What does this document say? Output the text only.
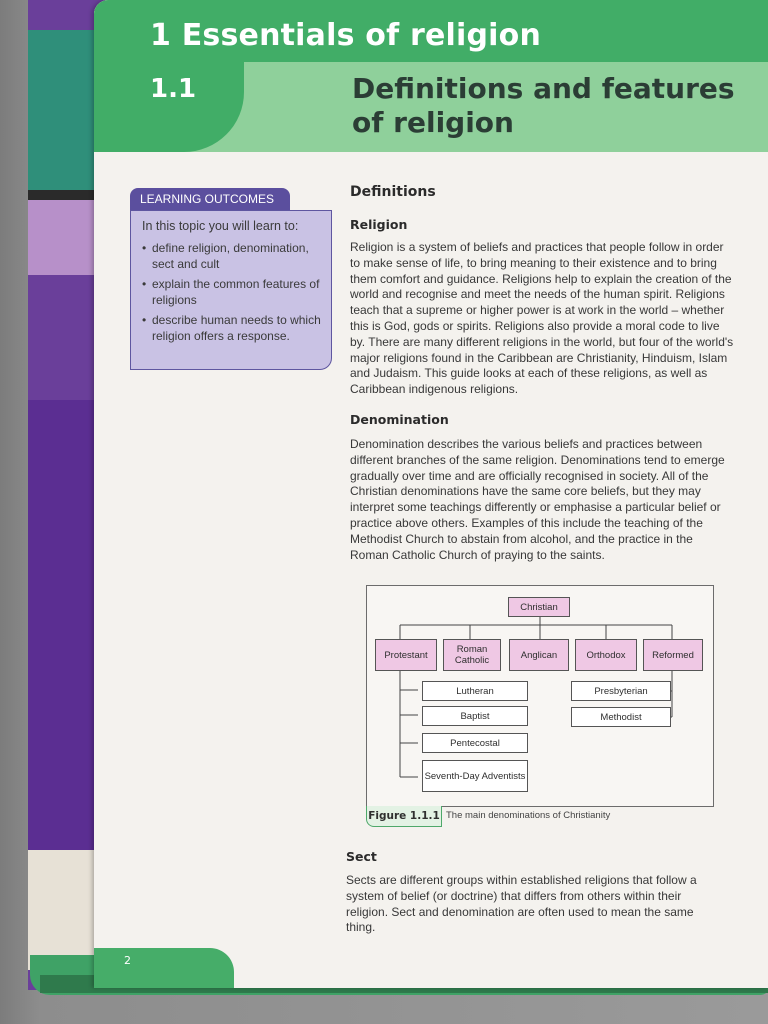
1 Essentials of religion
1.1	Definitions and features of religion
LEARNING OUTCOMES

In this topic you will learn to:

• define religion, denomination, sect and cult
• explain the common features of religions
• describe human needs to which religion offers a response.
Definitions
Religion

Religion is a system of beliefs and practices that people follow in order to make sense of life, to bring meaning to their existence and to bring them comfort and guidance. Religions help to explain the creation of the world and recognise and meet the needs of the human spirit. Religions teach that a supreme or higher power is at work in the world – whether this is God, gods or spirits. Religions also provide a moral code to live by. There are many different religions in the world, but four of the world's major religions found in the Caribbean are Christianity, Hinduism, Islam and Judaism. This guide looks at each of these religions, as well as Caribbean indigenous religions.

Denomination

Denomination describes the various beliefs and practices between different branches of the same religion. Denominations tend to emerge gradually over time and are officially recognised in society. All of the Christian denominations have the same core beliefs, but they may interpret some teachings differently or emphasise a particular belief or practice above others. Examples of this include the teaching of the Methodist Church to abstain from alcohol, and the practice in the Roman Catholic Church of praying to the saints.

Christian
Protestant	Roman Catholic	Anglican	Orthodox	Reformed
Lutheran
Baptist
Pentecostal
Seventh-Day Adventists
Presbyterian
Methodist
Figure 1.1.1 The main denominations of Christianity
Sect

Sects are different groups within established religions that follow a system of belief (or doctrine) that differs from others within their religion. Sect and denomination are often used to mean the same thing.

2
